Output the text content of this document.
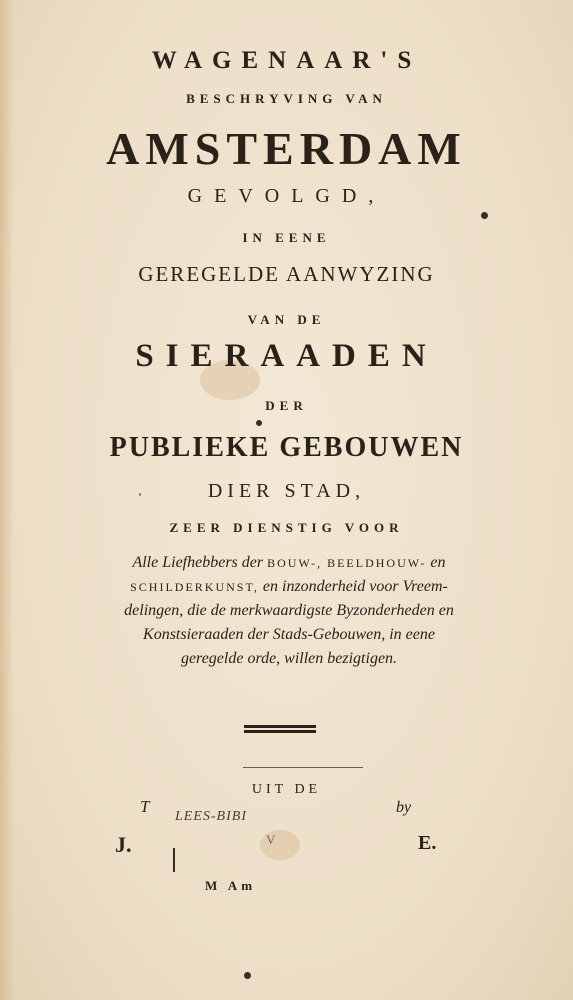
WAGENAAR'S
BESCHRYVING VAN
AMSTERDAM
GEVOLGD,
IN EENE
GEREGELDE AANWYZING
VAN DE
SIERAADEN
DER
PUBLIEKE GEBOUWEN
DIER STAD,
ZEER DIENSTIG VOOR
Alle Liefhebbers der BOUW-, BEELDHOUW- en
SCHILDERKUNST, en inzonderheid voor Vreem-
delingen, die de merkwaardigste Byzonderheden en
Konstsieraaden der Stads-Gebouwen, in eene
geregelde orde, willen bezigtigen.
UIT DE
T
LEES-BIBI
by
J.	V	E.
M Am
